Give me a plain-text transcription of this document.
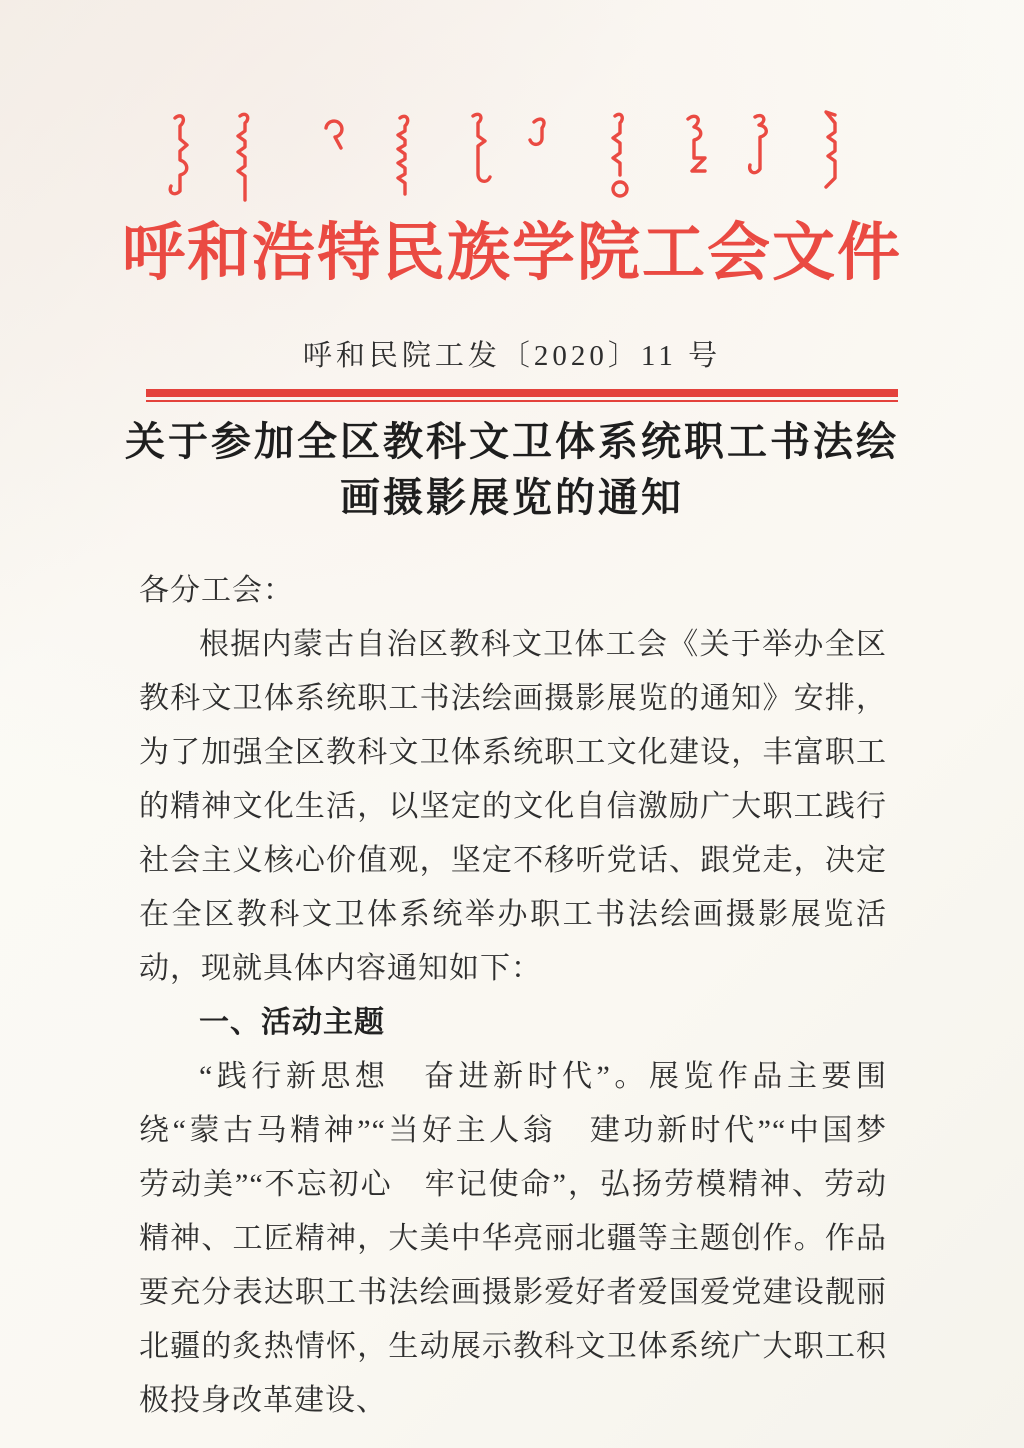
呼和浩特民族学院工会文件
呼和民院工发〔2020〕11 号
关于参加全区教科文卫体系统职工书法绘
画摄影展览的通知

各分工会：

根据内蒙古自治区教科文卫体工会《关于举办全区教科文卫体系统职工书法绘画摄影展览的通知》安排，为了加强全区教科文卫体系统职工文化建设，丰富职工的精神文化生活，以坚定的文化自信激励广大职工践行社会主义核心价值观，坚定不移听党话、跟党走，决定在全区教科文卫体系统举办职工书法绘画摄影展览活动，现就具体内容通知如下：

一、活动主题

“践行新思想　奋进新时代”。展览作品主要围绕“蒙古马精神”“当好主人翁　建功新时代”“中国梦　劳动美”“不忘初心　牢记使命”，弘扬劳模精神、劳动精神、工匠精神，大美中华亮丽北疆等主题创作。作品要充分表达职工书法绘画摄影爱好者爱国爱党建设靓丽北疆的炙热情怀，生动展示教科文卫体系统广大职工积极投身改革建设、
